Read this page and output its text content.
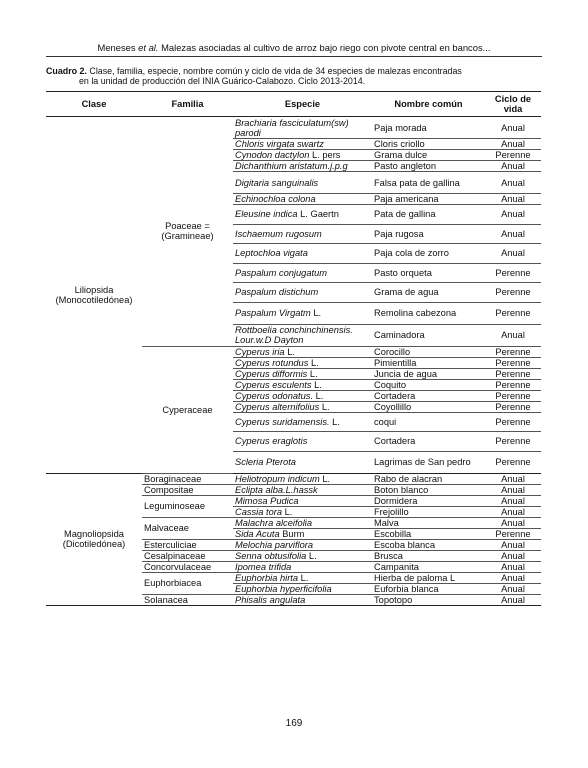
Meneses et al. Malezas asociadas al cultivo de arroz bajo riego con pivote central en bancos...
Cuadro 2. Clase, familia, especie, nombre común y ciclo de vida de 34 especies de malezas encontradas
en la unidad de producción del INIA Guárico-Calabozo. Ciclo 2013-2014.
Clase	Familia	Especie	Nombre común	Ciclo de vida
Liliopsida (Monocotiledónea)	Poaceae = (Gramineae)	Brachiaria fasciculatum(sw) parodi	Paja morada	Anual
		Chloris virgata swartz	Cloris criollo	Anual
		Cynodon dactylon L. pers	Grama dulce	Perenne
		Dichanthium aristatum.j.p.g	Pasto angleton	Anual
		Digitaria sanguinalis	Falsa pata de gallina	Anual
		Echinochloa colona	Paja americana	Anual
		Eleusine indica L. Gaertn	Pata de gallina	Anual
		Ischaemum rugosum	Paja rugosa	Anual
		Leptochloa vigata	Paja cola de zorro	Anual
		Paspalum conjugatum	Pasto orqueta	Perenne
		Paspalum distichum	Grama de agua	Perenne
		Paspalum Virgatm L.	Remolina cabezona	Perenne
		Rottboelia conchinchinensis. Lour.w.D Dayton	Caminadora	Anual
	Cyperaceae	Cyperus iria L.	Corocillo	Perenne
		Cyperus rotundus L.	Pimientilla	Perenne
		Cyperus difformis L.	Juncia de agua	Perenne
		Cyperus esculents L.	Coquito	Perenne
		Cyperus odonatus. L.	Cortadera	Perenne
		Cyperus alternifolius L.	Coyollillo	Perenne
		Cyperus suridamensis. L.	coqui	Perenne
		Cyperus eraglotis	Cortadera	Perenne
		Scleria Pterota	Lagrimas de San pedro	Perenne
Magnoliopsida (Dicotiledónea)	Boraginaceae	Heliotropum indicum L.	Rabo de alacran	Anual
	Compositae	Eclipta alba.L.hassk	Boton blanco	Anual
	Leguminoseae	Mimosa Pudica	Dormidera	Anual
		Cassia tora L.	Frejolillo	Anual
	Malvaceae	Malachra alceifolia	Malva	Anual
		Sida Acuta Burm	Escobilla	Perenne
	Esterculiciae	Melochia parviflora	Escoba blanca	Anual
	Cesalpinaceae	Senna obtusifolia L.	Brusca	Anual
	Concorvulaceae	Ipomea trifida	Campanita	Anual
	Euphorbiacea	Euphorbia hirta L.	Hierba de paloma L	Anual
		Euphorbia hyperficifolia	Euforbia blanca	Anual
	Solanacea	Phisalis angulata	Topotopo	Anual
169
